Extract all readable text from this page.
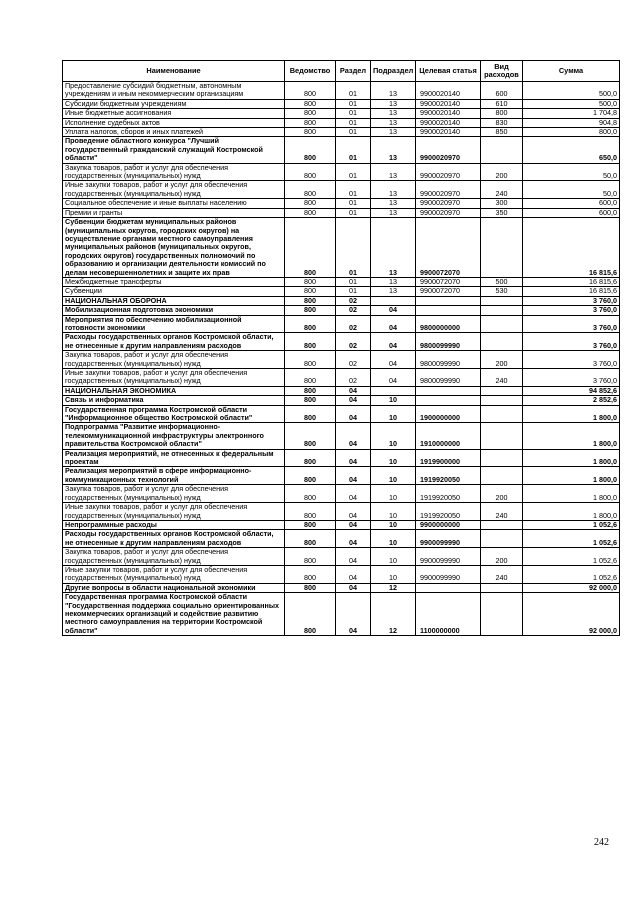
Наименование	Ведомство	Раздел	Подраздел	Целевая статья	Вид расходов	Сумма
Предоставление субсидий бюджетным, автономным учреждениям и иным некоммерческим организациям	800	01	13	9900020140	600	500,0
Субсидии бюджетным учреждениям	800	01	13	9900020140	610	500,0
Иные бюджетные ассигнования	800	01	13	9900020140	800	1 704,8
Исполнение судебных актов	800	01	13	9900020140	830	904,8
Уплата налогов, сборов и иных платежей	800	01	13	9900020140	850	800,0
Проведение областного конкурса "Лучший государственный гражданский служащий Костромской области"	800	01	13	9900020970		650,0
Закупка товаров, работ и услуг для обеспечения государственных (муниципальных) нужд	800	01	13	9900020970	200	50,0
Иные закупки товаров, работ и услуг для обеспечения государственных (муниципальных) нужд	800	01	13	9900020970	240	50,0
Социальное обеспечение и иные выплаты населению	800	01	13	9900020970	300	600,0
Премии и гранты	800	01	13	9900020970	350	600,0
Субвенции бюджетам муниципальных районов (муниципальных округов, городских округов) на осуществление органами местного самоуправления муниципальных районов (муниципальных округов, городских округов) государственных полномочий по образованию и организации деятельности комиссий по делам несовершеннолетних и защите их прав	800	01	13	9900072070		16 815,6
Межбюджетные трансферты	800	01	13	9900072070	500	16 815,6
Субвенции	800	01	13	9900072070	530	16 815,6
НАЦИОНАЛЬНАЯ ОБОРОНА	800	02				3 760,0
Мобилизационная подготовка экономики	800	02	04			3 760,0
Мероприятия по обеспечению мобилизационной готовности экономики	800	02	04	9800000000		3 760,0
Расходы государственных органов Костромской области, не отнесенные к другим направлениям расходов	800	02	04	9800099990		3 760,0
Закупка товаров, работ и услуг для обеспечения государственных (муниципальных) нужд	800	02	04	9800099990	200	3 760,0
Иные закупки товаров, работ и услуг для обеспечения государственных (муниципальных) нужд	800	02	04	9800099990	240	3 760,0
НАЦИОНАЛЬНАЯ ЭКОНОМИКА	800	04				94 852,6
Связь и информатика	800	04	10			2 852,6
Государственная программа Костромской области "Информационное общество Костромской области"	800	04	10	1900000000		1 800,0
Подпрограмма "Развитие информационно-телекоммуникационной инфраструктуры электронного правительства Костромской области"	800	04	10	1910000000		1 800,0
Реализация мероприятий, не отнесенных к федеральным проектам	800	04	10	1919900000		1 800,0
Реализация мероприятий в сфере информационно-коммуникационных технологий	800	04	10	1919920050		1 800,0
Закупка товаров, работ и услуг для обеспечения государственных (муниципальных) нужд	800	04	10	1919920050	200	1 800,0
Иные закупки товаров, работ и услуг для обеспечения государственных (муниципальных) нужд	800	04	10	1919920050	240	1 800,0
Непрограммные расходы	800	04	10	9900000000		1 052,6
Расходы государственных органов Костромской области, не отнесенные к другим направлениям расходов	800	04	10	9900099990		1 052,6
Закупка товаров, работ и услуг для обеспечения государственных (муниципальных) нужд	800	04	10	9900099990	200	1 052,6
Иные закупки товаров, работ и услуг для обеспечения государственных (муниципальных) нужд	800	04	10	9900099990	240	1 052,6
Другие вопросы в области национальной экономики	800	04	12			92 000,0
Государственная программа Костромской области "Государственная поддержка социально ориентированных некоммерческих организаций и содействие развитию местного самоуправления на территории Костромской области"	800	04	12	1100000000		92 000,0
242
